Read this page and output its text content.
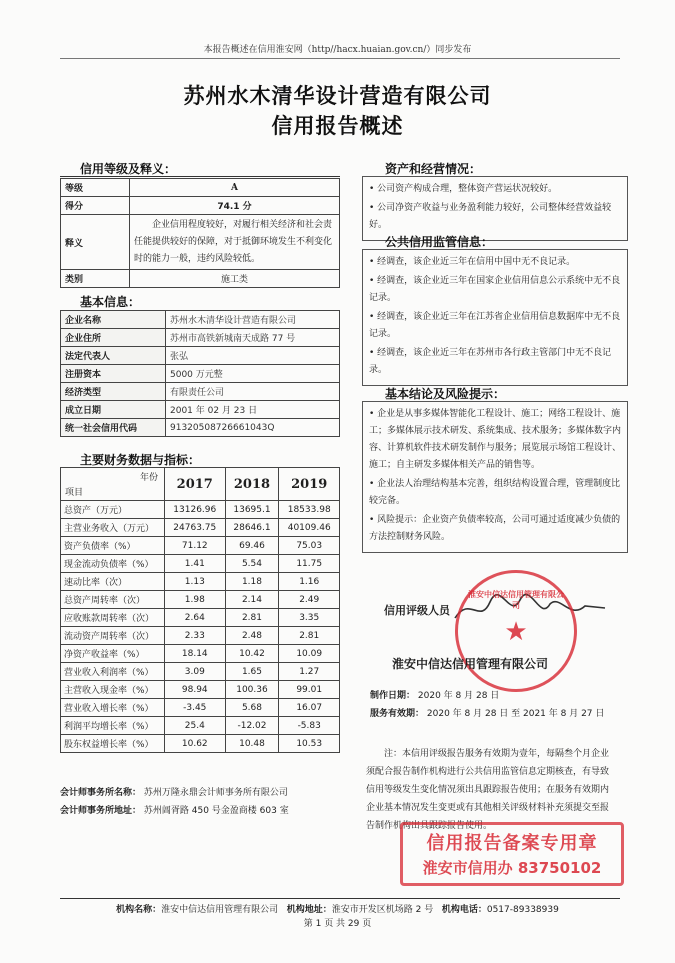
本报告概述在信用淮安网（http//hacx.huaian.gov.cn/）同步发布
苏州水木清华设计营造有限公司
信用报告概述
信用等级及释义：
等级	A
得分	74.1 分
释义	企业信用程度较好，对履行相关经济和社会责任能提供较好的保障，对于抵御环境发生不利变化时的能力一般，违约风险较低。
类别	施工类
基本信息：
企业名称	苏州水木清华设计营造有限公司
企业住所	苏州市高铁新城南天成路 77 号
法定代表人	张弘
注册资本	5000 万元整
经济类型	有限责任公司
成立日期	2001 年 02 月 23 日
统一社会信用代码	91320508726661043Q
主要财务数据与指标：
年份
项目	2017	2018	2019
总资产（万元）	13126.96	13695.1	18533.98
主营业务收入（万元）	24763.75	28646.1	40109.46
资产负债率（%）	71.12	69.46	75.03
现金流动负债率（%）	1.41	5.54	11.75
速动比率（次）	1.13	1.18	1.16
总资产周转率（次）	1.98	2.14	2.49
应收账款周转率（次）	2.64	2.81	3.35
流动资产周转率（次）	2.33	2.48	2.81
净资产收益率（%）	18.14	10.42	10.09
营业收入利润率（%）	3.09	1.65	1.27
主营收入现金率（%）	98.94	100.36	99.01
营业收入增长率（%）	-3.45	5.68	16.07
利润平均增长率（%）	25.4	-12.02	-5.83
股东权益增长率（%）	10.62	10.48	10.53
会计师事务所名称： 苏州万隆永鼎会计师事务所有限公司
会计师事务所地址： 苏州阊胥路 450 号金盈商楼 603 室
资产和经营情况：

• 公司资产构成合理，整体资产营运状况较好。

• 公司净资产收益与业务盈利能力较好，公司整体经营效益较好。

公共信用监管信息：

• 经调查，该企业近三年在信用中国中无不良记录。

• 经调查，该企业近三年在国家企业信用信息公示系统中无不良记录。

• 经调查，该企业近三年在江苏省企业信用信息数据库中无不良记录。

• 经调查，该企业近三年在苏州市各行政主管部门中无不良记录。

基本结论及风险提示：

• 企业是从事多媒体智能化工程设计、施工；网络工程设计、施工；多媒体展示技术研发、系统集成、技术服务；多媒体数字内容、计算机软件技术研发制作与服务；展览展示场馆工程设计、施工；自主研发多媒体相关产品的销售等。

• 企业法人治理结构基本完善，组织结构设置合理，管理制度比较完备。

• 风险提示：企业资产负债率较高，公司可通过适度减少负债的方法控制财务风险。

信用评级人员
★
淮安中信达信用管理有限公司
淮安中信达信用管理有限公司
制作日期： 2020 年 8 月 28 日
服务有效期： 2020 年 8 月 28 日 至 2021 年 8 月 27 日
注：本信用评级报告服务有效期为壹年，每隔叁个月企业须配合报告制作机构进行公共信用监管信息定期核查，有导致信用等级发生变化情况须出具跟踪报告使用；在服务有效期内企业基本情况发生变更或有其他相关评级材料补充须提交至报告制作机构出具跟踪报告使用。
信用报告备案专用章
淮安市信用办 83750102
机构名称：淮安中信达信用管理有限公司 机构地址：淮安市开发区机场路 2 号 机构电话：0517-89338939
第 1 页 共 29 页
